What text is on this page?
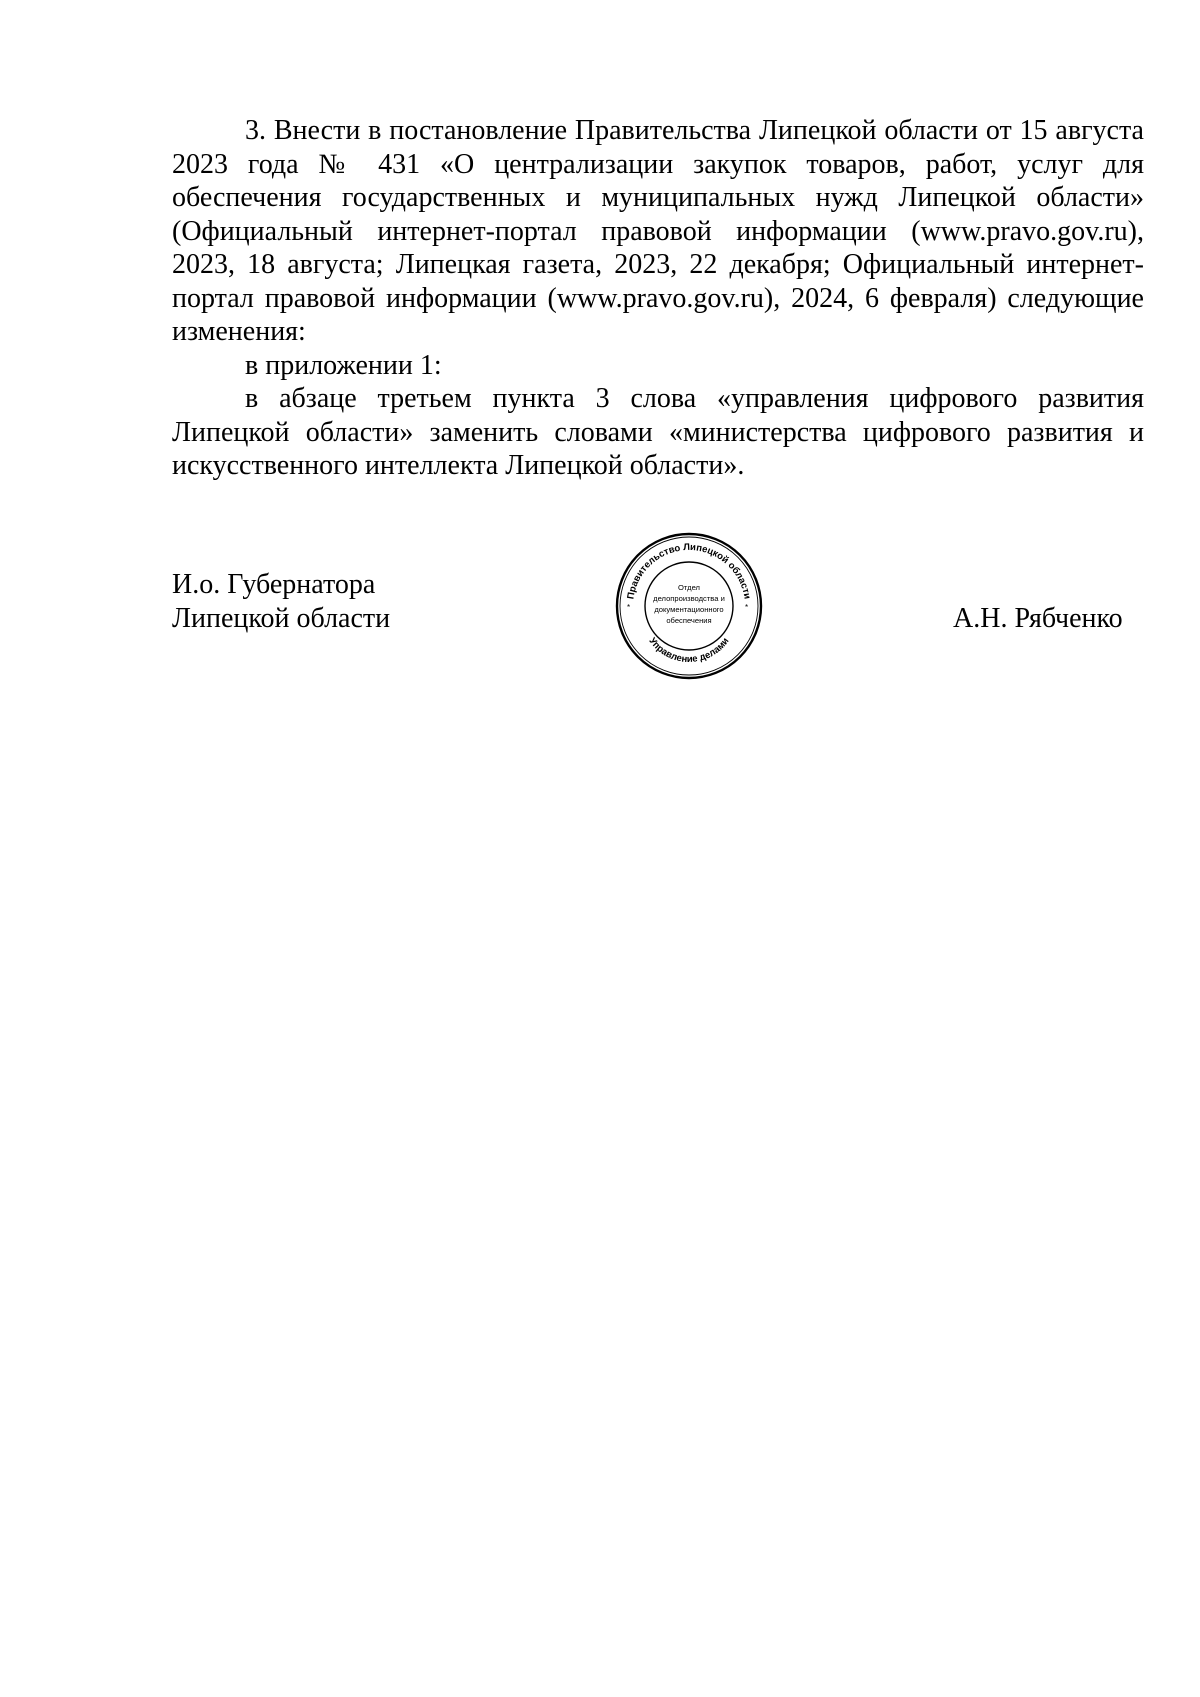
3. Внести в постановление Правительства Липецкой области от 15 августа 2023 года № 431 «О централизации закупок товаров, работ, услуг для обеспечения государственных и муниципальных нужд Липецкой области» (Официальный интернет-портал правовой информации (www.pravo.gov.ru), 2023, 18 августа; Липецкая газета, 2023, 22 декабря; Официальный интернет-портал правовой информации (www.pravo.gov.ru), 2024, 6 февраля) следующие изменения:

в приложении 1:

в абзаце третьем пункта 3 слова «управления цифрового развития Липецкой области» заменить словами «министерства цифрового развития и искусственного интеллекта Липецкой области».

И.о. Губернатора
Липецкой области	А.Н. Рябченко
Правительство Липецкой области
Управление делами
*	*
Отдел
делопроизводства и
документационного
обеспечения
